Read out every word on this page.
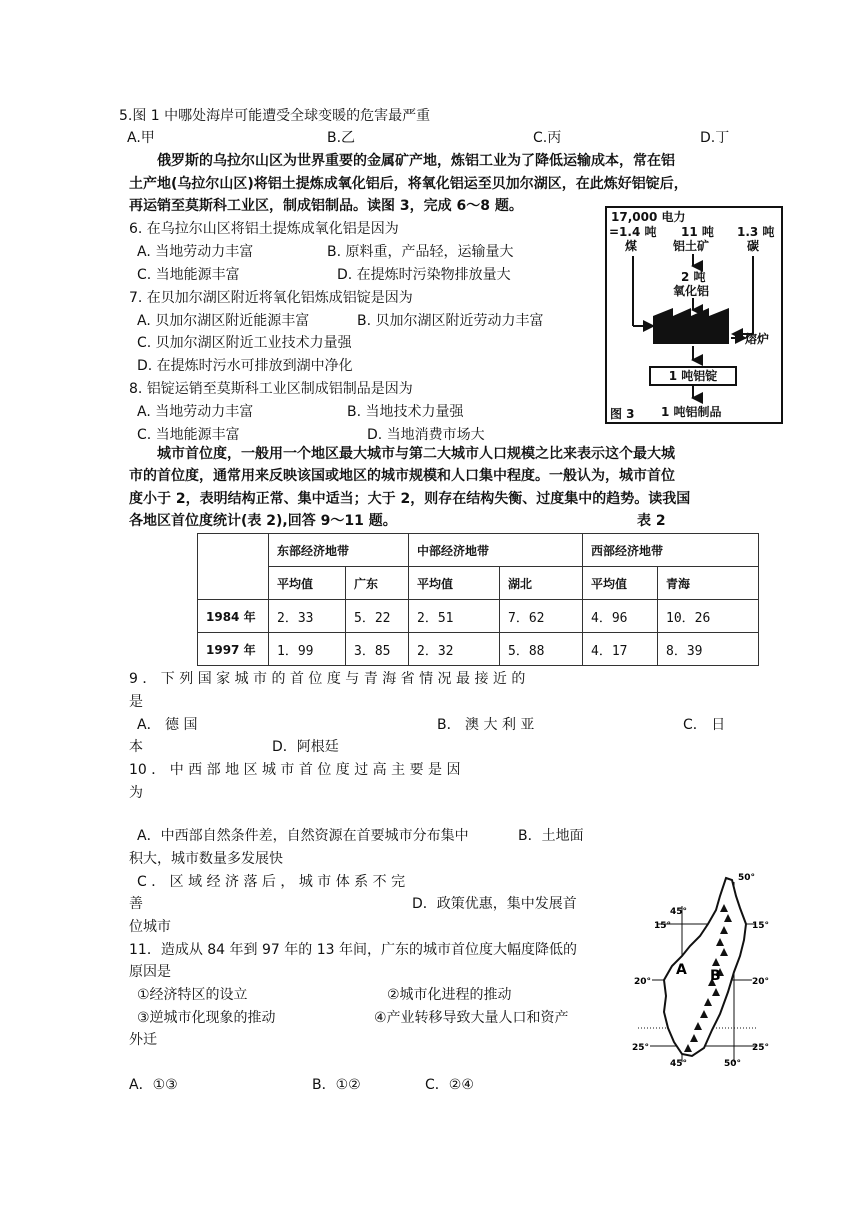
5.图 1 中哪处海岸可能遭受全球变暖的危害最严重
A.甲	B.乙	C.丙	D.丁
俄罗斯的乌拉尔山区为世界重要的金属矿产地，炼铝工业为了降低运输成本，常在铝
土产地(乌拉尔山区)将铝土提炼成氧化铝后，将氧化铝运至贝加尔湖区，在此炼好铝锭后，
再运销至莫斯科工业区，制成铝制品。读图 3，完成 6～8 题。
6. 在乌拉尔山区将铝土提炼成氧化铝是因为
A. 当地劳动力丰富	B. 原料重，产品轻，运输量大
C. 当地能源丰富	D. 在提炼时污染物排放量大
7. 在贝加尔湖区附近将氧化铝炼成铝锭是因为
A. 贝加尔湖区附近能源丰富	B. 贝加尔湖区附近劳动力丰富
C. 贝加尔湖区附近工业技术力量强
D. 在提炼时污水可排放到湖中净化
8. 铝锭运销至莫斯科工业区制成铝制品是因为
A. 当地劳动力丰富	B. 当地技术力量强
C. 当地能源丰富	D. 当地消费市场大
17,000 电力
=1.4 吨
煤
11 吨
铝土矿
1.3 吨
碳
2 吨
氧化铝
熔炉
1 吨铝锭
图 3 1 吨铝制品
城市首位度，一般用一个地区最大城市与第二大城市人口规模之比来表示这个最大城
市的首位度，通常用来反映该国或地区的城市规模和人口集中程度。一般认为，城市首位
度小于 2，表明结构正常、集中适当；大于 2，则存在结构失衡、过度集中的趋势。读我国
各地区首位度统计(表 2),回答 9～11 题。	表 2
	东部经济地带		中部经济地带		西部经济地带	
	平均值	广东	平均值	湖北	平均值	青海
1984 年	2．33	5．22	2．51	7．62	4．96	10．26
1997 年	1．99	3．85	2．32	5．88	4．17	8．39
9 ． 下 列 国 家 城 市 的 首 位 度 与 青 海 省 情 况 最 接 近 的
是
A． 德 国	B． 澳 大 利 亚	C． 日
本	D．阿根廷
10 ． 中 西 部 地 区 城 市 首 位 度 过 高 主 要 是 因
为
A．中西部自然条件差，自然资源在首要城市分布集中	B．土地面
积大，城市数量多发展快
C ． 区 域 经 济 落 后 ， 城 市 体 系 不 完
善	D．政策优惠，集中发展首
位城市
11．造成从 84 年到 97 年的 13 年间，广东的城市首位度大幅度降低的
原因是
①经济特区的设立	②城市化进程的推动
③逆城市化现象的推动	④产业转移导致大量人口和资产
外迁
A．①③	B．①②	C．②④
50°
45°
15°	15°
20°	20°
25°	25°
45°	50°
A B
